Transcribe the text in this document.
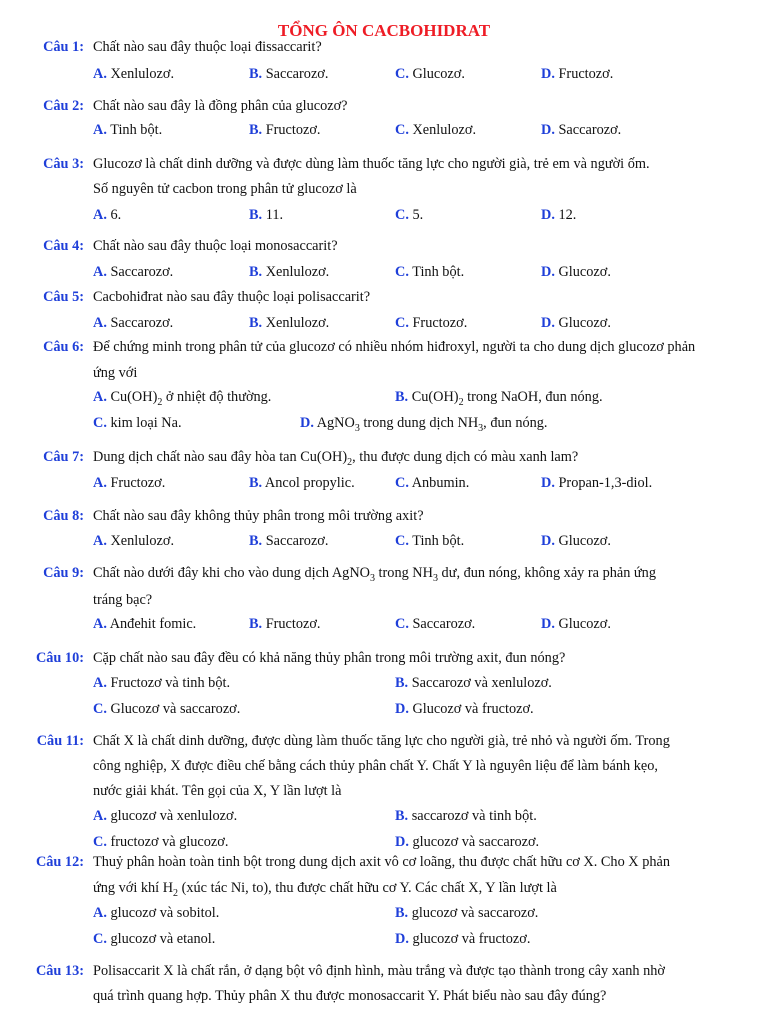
TỔNG ÔN CACBOHIDRAT
Câu 1: Chất nào sau đây thuộc loại đissaccarit?
A. Xenlulozơ.	B. Saccarozơ.	C. Glucozơ.	D. Fructozơ.
Câu 2: Chất nào sau đây là đồng phân của glucozơ?
A. Tinh bột.	B. Fructozơ.	C. Xenlulozơ.	D. Saccarozơ.
Câu 3: Glucozơ là chất dinh dưỡng và được dùng làm thuốc tăng lực cho người già, trẻ em và người ốm.
Số nguyên tử cacbon trong phân tử glucozơ là
A. 6.	B. 11.	C. 5.	D. 12.
Câu 4: Chất nào sau đây thuộc loại monosaccarit?
A. Saccarozơ.	B. Xenlulozơ.	C. Tinh bột.	D. Glucozơ.
Câu 5: Cacbohiđrat nào sau đây thuộc loại polisaccarit?
A. Saccarozơ.	B. Xenlulozơ.	C. Fructozơ.	D. Glucozơ.
Câu 6: Để chứng minh trong phân tử của glucozơ có nhiều nhóm hiđroxyl, người ta cho dung dịch glucozơ phản
ứng với
A. $Cu(OH)_2$ ở nhiệt độ thường.	B. $Cu(OH)_2$ trong NaOH, đun nóng.
C. kim loại Na.	D. AgNO$_3$ trong dung dịch $NH_3$, đun nóng.
Câu 7: Dung dịch chất nào sau đây hòa $\tan Cu(OH)_2$, thu được dung dịch có màu xanh lam?
A. Fructozơ.	B. Ancol propylic.	C. Anbumin.	D. Propan-1,3-diol.
Câu 8: Chất nào sau đây không thủy phân trong môi trường axit?
A. Xenlulozơ.	B. Saccarozơ.	C. Tinh bột.	D. Glucozơ.
Câu 9: Chất nào dưới đây khi cho vào dung dịch AgNO$_3$ trong $NH_3$ dư, đun nóng, không xảy ra phản ứng
tráng bạc?
A. Anđehit fomic.	B. Fructozơ.	C. Saccarozơ.	D. Glucozơ.
Câu 10: Cặp chất nào sau đây đều có khả năng thủy phân trong môi trường axit, đun nóng?
A. Fructozơ và tinh bột.	B. Saccarozơ và xenlulozơ.
C. Glucozơ và saccarozơ.	D. Glucozơ và fructozơ.
Câu 11: Chất X là chất dinh dưỡng, được dùng làm thuốc tăng lực cho người già, trẻ nhỏ và người ốm. Trong
công nghiệp, X được điều chế bằng cách thủy phân chất Y. Chất Y là nguyên liệu để làm bánh kẹo,
nước giải khát. Tên gọi của X, Y lần lượt là
A. glucozơ và xenlulozơ.	B. saccarozơ và tinh bột.
C. fructozơ và glucozơ.	D. glucozơ và saccarozơ.
Câu 12: Thuỷ phân hoàn toàn tinh bột trong dung dịch axit vô cơ loãng, thu được chất hữu cơ X. Cho X phản
ứng với khí $H_2$ (xúc tác Ni, to), thu được chất hữu cơ Y. Các chất X, Y lần lượt là
A. glucozơ và sobitol.	B. glucozơ và saccarozơ.
C. glucozơ và etanol.	D. glucozơ và fructozơ.
Câu 13: Polisaccarit X là chất rắn, ở dạng bột vô định hình, màu trắng và được tạo thành trong cây xanh nhờ
quá trình quang hợp. Thủy phân X thu được monosaccarit Y. Phát biểu nào sau đây đúng?
